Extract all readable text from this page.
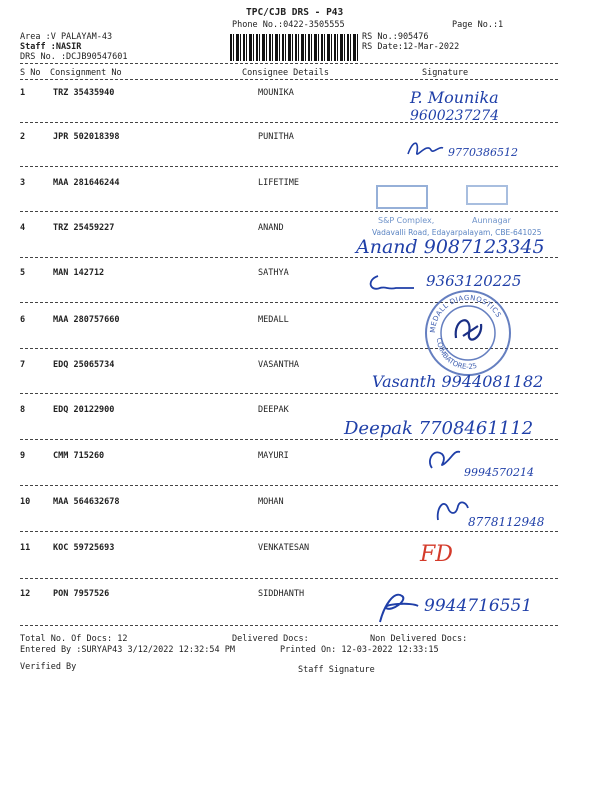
TPC/CJB DRS - P43
Phone No.:0422-3505555	Page No.:1
Area :V PALAYAM-43
Staff :NASIR
DRS No. :DCJB90547601
RS No.:905476
RS Date:12-Mar-2022
S No Consignment No	Consignee Details	Signature
1	TRZ 35435940	MOUNIKA
2	JPR 502018398	PUNITHA
3	MAA 281646244	LIFETIME
4	TRZ 25459227	ANAND
5	MAN 142712	SATHYA
6	MAA 280757660	MEDALL
7	EDQ 25065734	VASANTHA
8	EDQ 20122900	DEEPAK
9	CMM 715260	MAYURI
10	MAA 564632678	MOHAN
11	KOC 59725693	VENKATESAN
12	PON 7957526	SIDDHANTH
S&P Complex,	Aunnagar
Vadavalli Road, Edayarpalayam, CBE-641025
MEDALL DIAGNOSTICS
COIMBATORE-25
P. Mounika
9600237274
9770386512
Anand 9087123345
9363120225
Vasanth 9944081182
Deepak 7708461112
9994570214
8778112948
FD
9944716551
Total No. Of Docs: 12	Delivered Docs:	Non Delivered Docs:
Entered By :SURYAP43 3/12/2022 12:32:54 PM	Printed On: 12-03-2022 12:33:15
Verified By	Staff Signature
